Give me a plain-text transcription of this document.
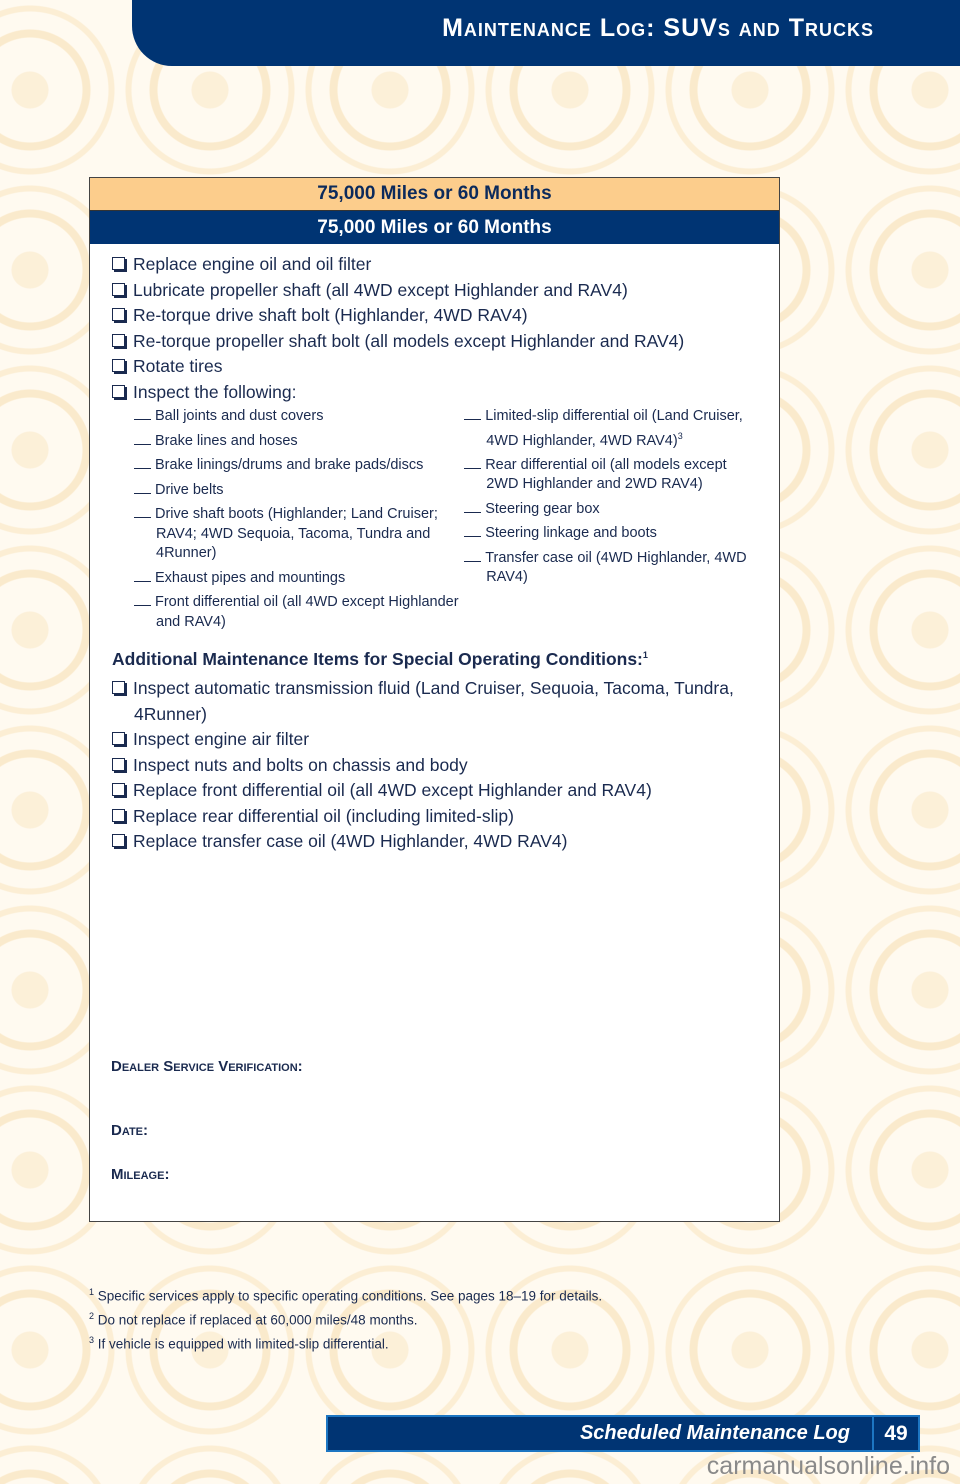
Maintenance Log: SUVs and Trucks
75,000 Miles or 60 Months
75,000 Miles or 60 Months
Replace engine oil and oil filter
Lubricate propeller shaft (all 4WD except Highlander and RAV4)
Re-torque drive shaft bolt (Highlander, 4WD RAV4)
Re-torque propeller shaft bolt (all models except Highlander and RAV4)
Rotate tires
Inspect the following:
Ball joints and dust covers
Brake lines and hoses
Brake linings/drums and brake pads/discs
Drive belts
Drive shaft boots (Highlander; Land Cruiser; RAV4; 4WD Sequoia, Tacoma, Tundra and 4Runner)
Exhaust pipes and mountings
Front differential oil (all 4WD except Highlander and RAV4)
Limited-slip differential oil (Land Cruiser, 4WD Highlander, 4WD RAV4)$^3$
Rear differential oil (all models except 2WD Highlander and 2WD RAV4)
Steering gear box
Steering linkage and boots
Transfer case oil (4WD Highlander, 4WD RAV4)
Additional Maintenance Items for Special Operating Conditions:$^1$
Inspect automatic transmission fluid (Land Cruiser, Sequoia, Tacoma, Tundra, 4Runner)
Inspect engine air filter
Inspect nuts and bolts on chassis and body
Replace front differential oil (all 4WD except Highlander and RAV4)
Replace rear differential oil (including limited-slip)
Replace transfer case oil (4WD Highlander, 4WD RAV4)
Dealer Service Verification:
Date:
Mileage:
$^1$ Specific services apply to specific operating conditions. See pages 18–19 for details.
$^2$ Do not replace if replaced at 60,000 miles/48 months.
$^3$ If vehicle is equipped with limited-slip differential.
Scheduled Maintenance Log	49
carmanualsonline.info
